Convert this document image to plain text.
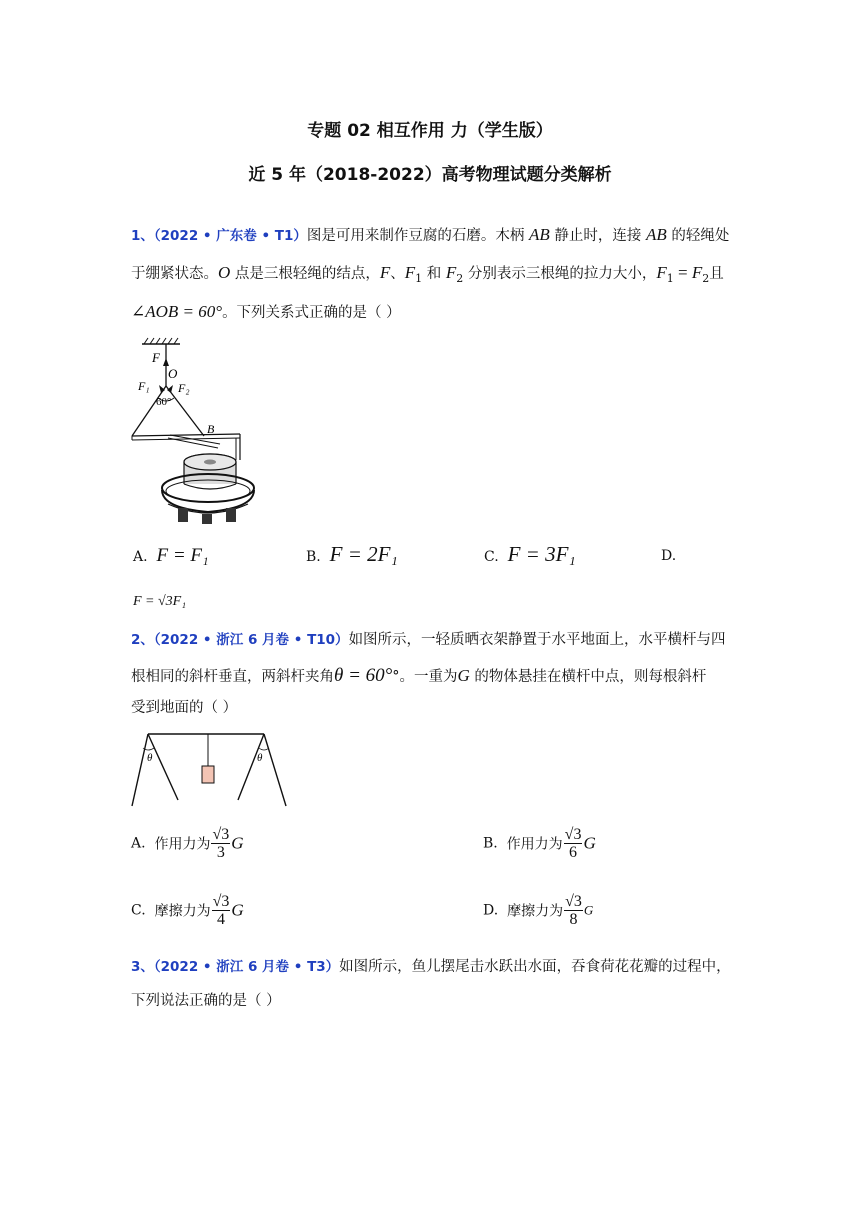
专题 02 相互作用 力（学生版）
近 5 年（2018-2022）高考物理试题分类解析
1、（2022 • 广东卷 • T1）图是可用来制作豆腐的石磨。木柄 AB 静止时，连接 AB 的轻绳处
于绷紧状态。O 点是三根轻绳的结点，F、$F_1$ 和 $F_2$ 分别表示三根绳的拉力大小，$F_1 = F_2$且
∠AOB = 60°。下列关系式正确的是（ ）
F
O
F₁ F₂
60°
B
A. F = F₁	B. F = 2F₁	C. F = 3F₁	D.
F = √3F₁
2、（2022 • 浙江 6 月卷 • T10）如图所示，一轻质晒衣架静置于水平地面上，水平横杆与四
根相同的斜杆垂直，两斜杆夹角θ = 60°°。一重为G 的物体悬挂在横杆中点，则每根斜杆
受到地面的（ ）
θ	θ
A. 作用力为 $\frac{√3}{3}$ G	B. 作用力为 $\frac{√3}{6}$ G
C. 摩擦力为 $\frac{√3}{4}$ G	D. 摩擦力为 $\frac{√3}{8}$ G
3、（2022 • 浙江 6 月卷 • T3）如图所示，鱼儿摆尾击水跃出水面，吞食荷花花瓣的过程中，
下列说法正确的是（ ）
